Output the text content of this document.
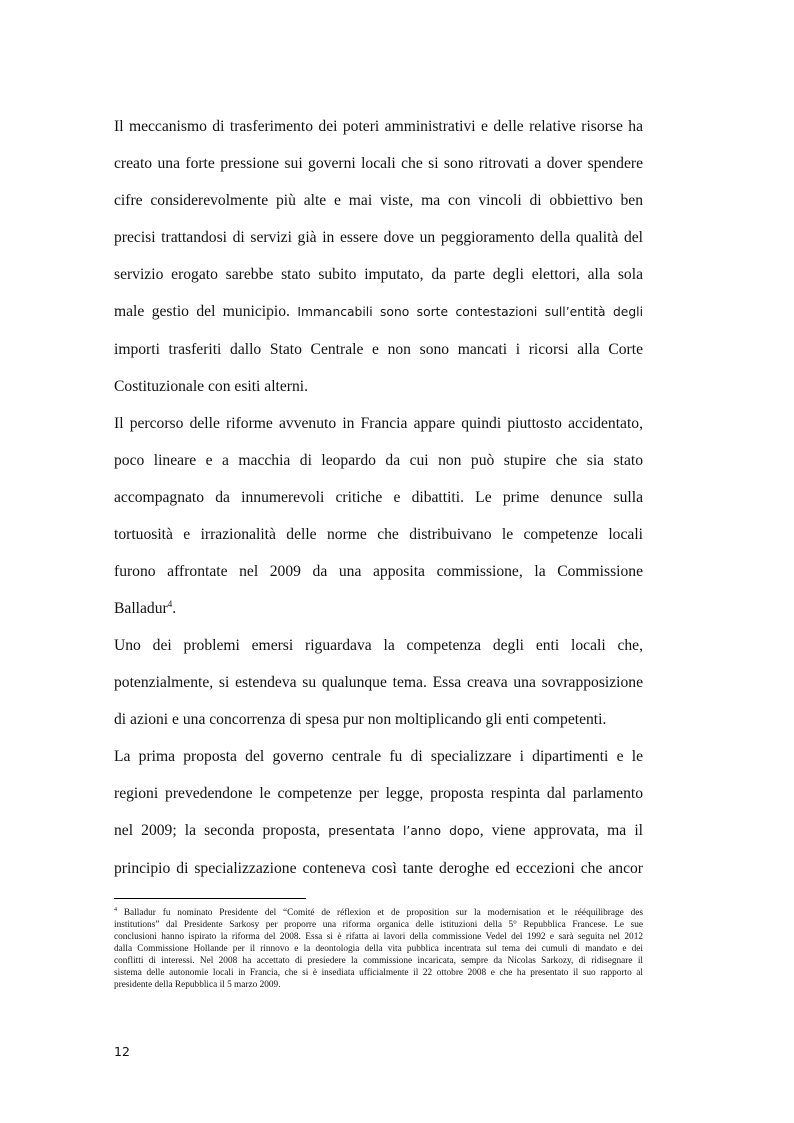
Il meccanismo di trasferimento dei poteri amministrativi e delle relative risorse ha

creato una forte pressione sui governi locali che si sono ritrovati a dover spendere

cifre considerevolmente più alte e mai viste, ma con vincoli di obbiettivo ben

precisi trattandosi di servizi già in essere dove un peggioramento della qualità del

servizio erogato sarebbe stato subito imputato, da parte degli elettori, alla sola

male gestio del municipio. Immancabili sono sorte contestazioni sull’entità degli

importi trasferiti dallo Stato Centrale e non sono mancati i ricorsi alla Corte

Costituzionale con esiti alterni.

Il percorso delle riforme avvenuto in Francia appare quindi piuttosto accidentato,

poco lineare e a macchia di leopardo da cui non può stupire che sia stato

accompagnato da innumerevoli critiche e dibattiti. Le prime denunce sulla

tortuosità e irrazionalità delle norme che distribuivano le competenze locali

furono affrontate nel 2009 da una apposita commissione, la Commissione

Balladur$^4$.

Uno dei problemi emersi riguardava la competenza degli enti locali che,

potenzialmente, si estendeva su qualunque tema. Essa creava una sovrapposizione

di azioni e una concorrenza di spesa pur non moltiplicando gli enti competenti.

La prima proposta del governo centrale fu di specializzare i dipartimenti e le

regioni prevedendone le competenze per legge, proposta respinta dal parlamento

nel 2009; la seconda proposta, presentata l’anno dopo, viene approvata, ma il

principio di specializzazione conteneva così tante deroghe ed eccezioni che ancor

$^4$ Balladur fu nominato Presidente del “Comité de réflexion et de proposition sur la modernisation et le rééquilibrage des

institutions” dal Presidente Sarkosy per proporre una riforma organica delle istituzioni della 5° Repubblica Francese. Le sue

conclusioni hanno ispirato la riforma del 2008. Essa si è rifatta ai lavori della commissione Vedel del 1992 e sarà seguita nel 2012

dalla Commissione Hollande per il rinnovo e la deontologia della vita pubblica incentrata sul tema dei cumuli di mandato e dei

conflitti di interessi. Nel 2008 ha accettato di presiedere la commissione incaricata, sempre da Nicolas Sarkozy, di ridisegnare il

sistema delle autonomie locali in Francia, che si è insediata ufficialmente il 22 ottobre 2008 e che ha presentato il suo rapporto al

presidente della Repubblica il 5 marzo 2009.

12
